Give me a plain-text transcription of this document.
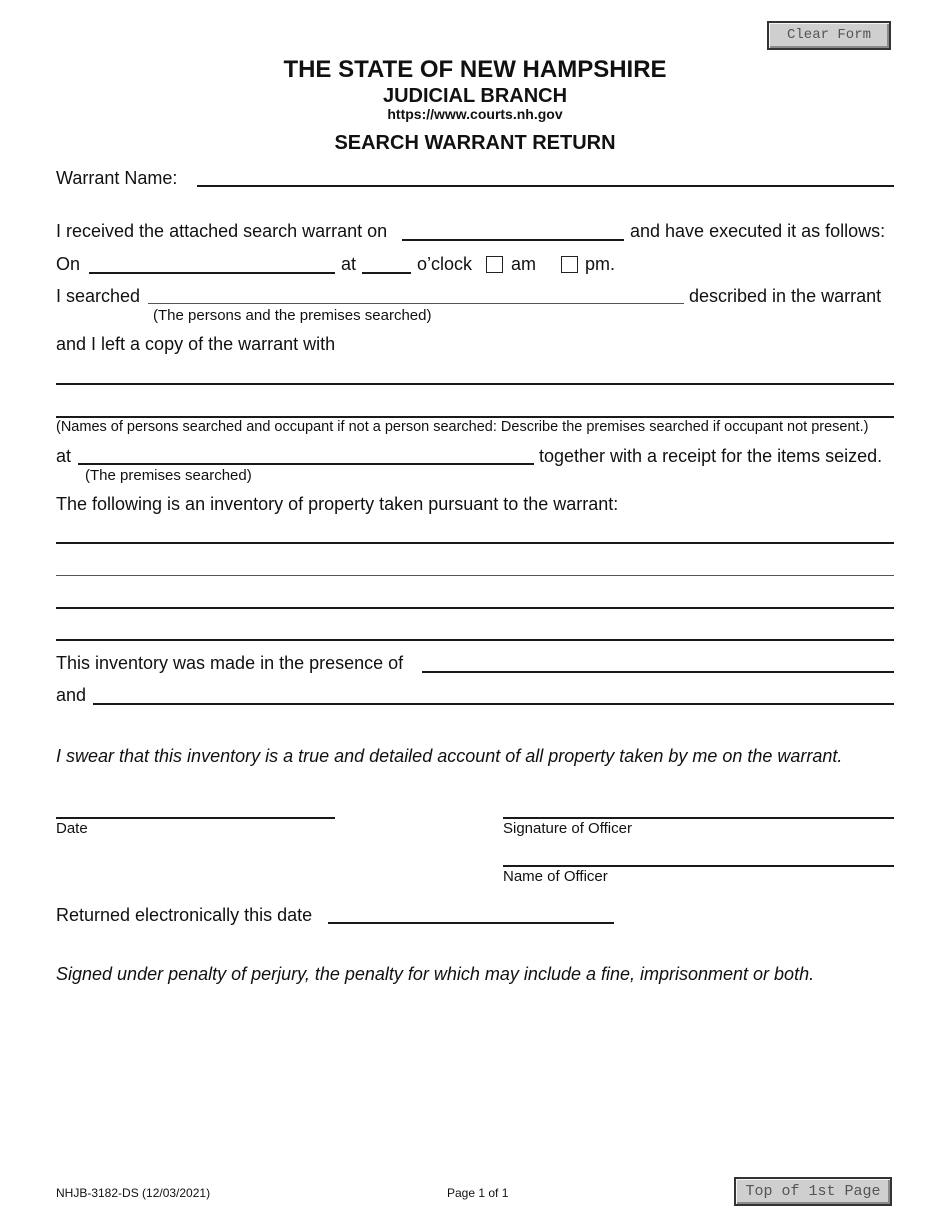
Clear Form
THE STATE OF NEW HAMPSHIRE
JUDICIAL BRANCH
https://www.courts.nh.gov
SEARCH WARRANT RETURN
Warrant Name:
I received the attached search warrant on	and have executed it as follows:
On	at	o’clock am	pm.
I searched	described in the warrant
(The persons and the premises searched)
and I left a copy of the warrant with
(Names of persons searched and occupant if not a person searched: Describe the premises searched if occupant not present.)
at	together with a receipt for the items seized.
(The premises searched)
The following is an inventory of property taken pursuant to the warrant:
This inventory was made in the presence of
and
I swear that this inventory is a true and detailed account of all property taken by me on the warrant.
Date	Signature of Officer
Name of Officer
Returned electronically this date
Signed under penalty of perjury, the penalty for which may include a fine, imprisonment or both.
NHJB-3182-DS (12/03/2021)	Page 1 of 1	Top of 1st Page
